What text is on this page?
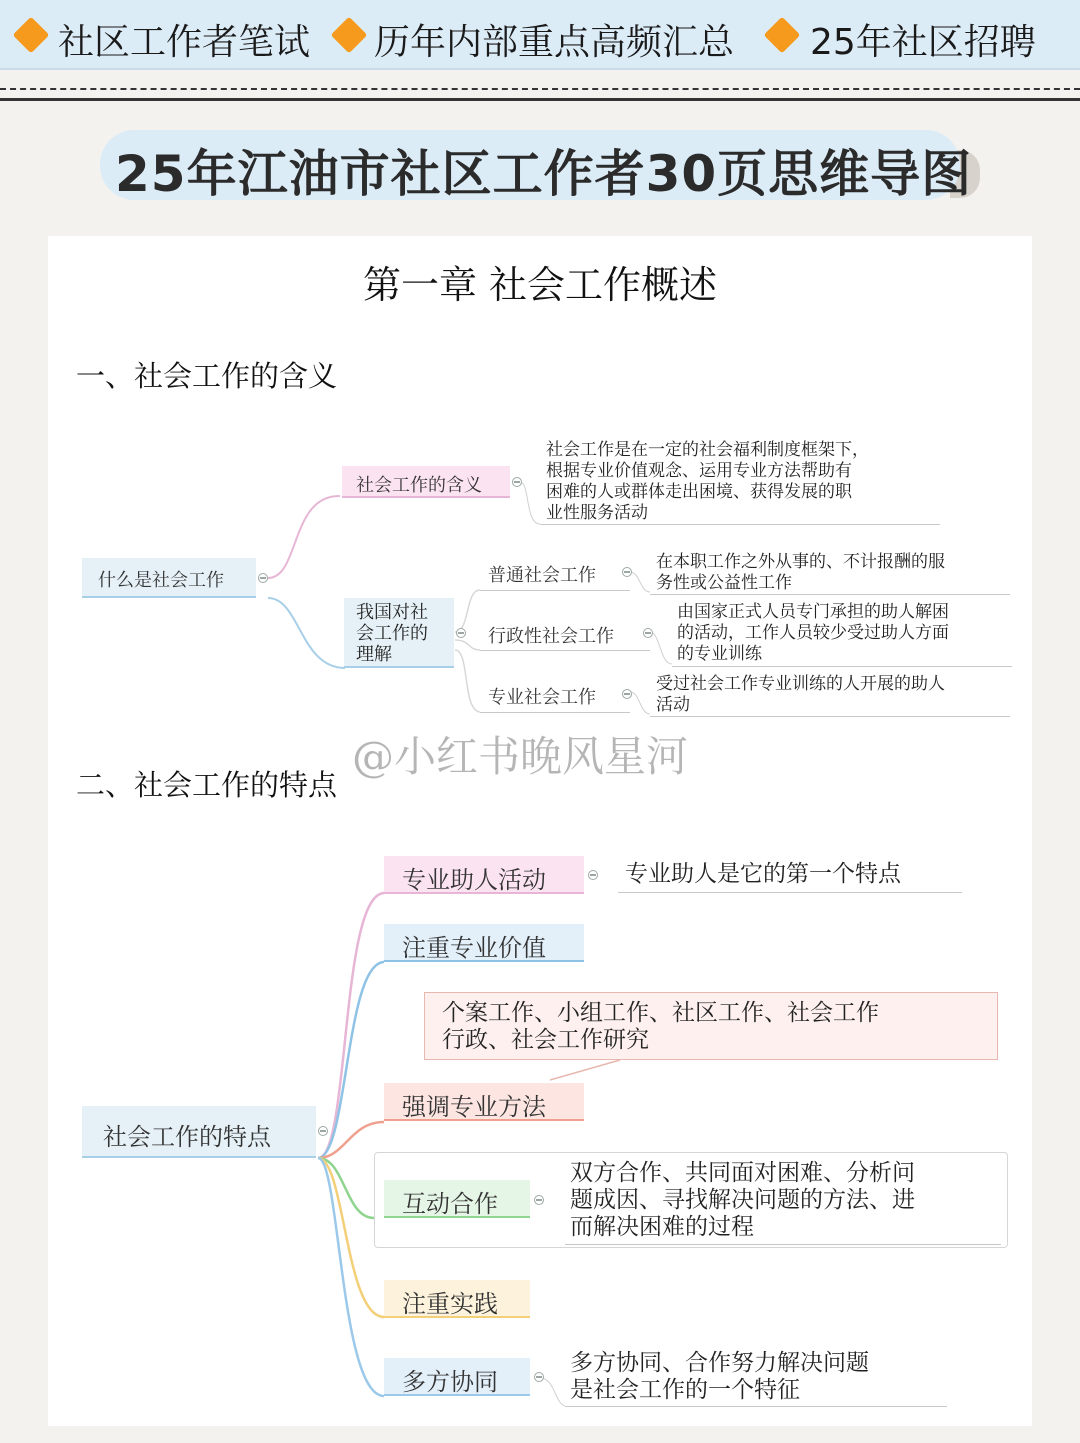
社区工作者笔试 历年内部重点高频汇总 25年社区招聘
25年江油市社区工作者30页思维导图
第一章 社会工作概述
一、社会工作的含义
什么是社会工作
社会工作的含义
社会工作是在一定的社会福利制度框架下，
根据专业价值观念、运用专业方法帮助有
困难的人或群体走出困境、获得发展的职
业性服务活动
我国对社
会工作的
理解
普通社会工作
在本职工作之外从事的、不计报酬的服
务性或公益性工作
行政性社会工作
由国家正式人员专门承担的助人解困
的活动，工作人员较少受过助人方面
的专业训练
专业社会工作
受过社会工作专业训练的人开展的助人
活动
@小红书晚风星河
二、社会工作的特点
社会工作的特点
专业助人活动	专业助人是它的第一个特点
注重专业价值
个案工作、小组工作、社区工作、社会工作
行政、社会工作研究
强调专业方法
互动合作
双方合作、共同面对困难、分析问
题成因、寻找解决问题的方法、进
而解决困难的过程
注重实践
多方协同
多方协同、合作努力解决问题
是社会工作的一个特征
